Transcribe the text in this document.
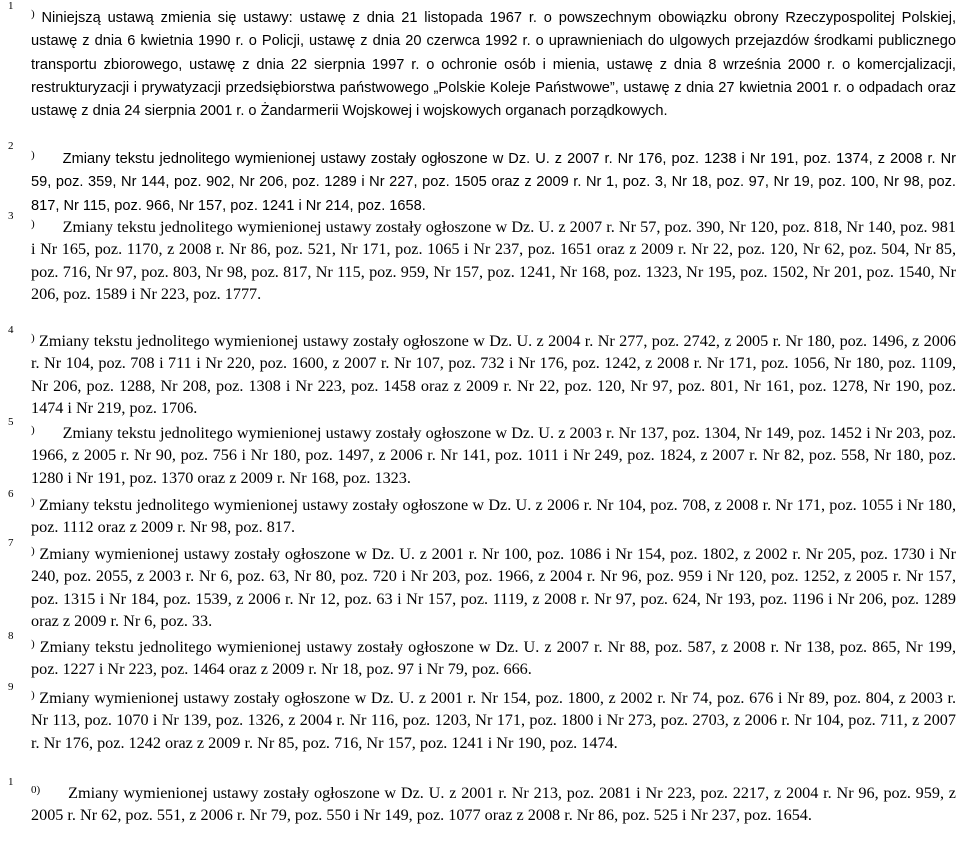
1

) Niniejszą ustawą zmienia się ustawy: ustawę z dnia 21 listopada 1967 r. o powszechnym obowiązku obrony Rzeczypospolitej Polskiej, ustawę z dnia 6 kwietnia 1990 r. o Policji, ustawę z dnia 20 czerwca 1992 r. o uprawnieniach do ulgowych przejazdów środkami publicznego transportu zbiorowego, ustawę z dnia 22 sierpnia 1997 r. o ochronie osób i mienia, ustawę z dnia 8 września 2000 r. o komercjalizacji, restrukturyzacji i prywatyzacji przedsiębiorstwa państwowego „Polskie Koleje Państwowe”, ustawę z dnia 27 kwietnia 2001 r. o odpadach oraz ustawę z dnia 24 sierpnia 2001 r. o Żandarmerii Wojskowej i wojskowych organach porządkowych.

2

) Zmiany tekstu jednolitego wymienionej ustawy zostały ogłoszone w Dz. U. z 2007 r. Nr 176, poz. 1238 i Nr 191, poz. 1374, z 2008 r. Nr 59, poz. 359, Nr 144, poz. 902, Nr 206, poz. 1289 i Nr 227, poz. 1505 oraz z 2009 r. Nr 1, poz. 3, Nr 18, poz. 97, Nr 19, poz. 100, Nr 98, poz. 817, Nr 115, poz. 966, Nr 157, poz. 1241 i Nr 214, poz. 1658.

3

) Zmiany tekstu jednolitego wymienionej ustawy zostały ogłoszone w Dz. U. z 2007 r. Nr 57, poz. 390, Nr 120, poz. 818, Nr 140, poz. 981 i Nr 165, poz. 1170, z 2008 r. Nr 86, poz. 521, Nr 171, poz. 1065 i Nr 237, poz. 1651 oraz z 2009 r. Nr 22, poz. 120, Nr 62, poz. 504, Nr 85, poz. 716, Nr 97, poz. 803, Nr 98, poz. 817, Nr 115, poz. 959, Nr 157, poz. 1241, Nr 168, poz. 1323, Nr 195, poz. 1502, Nr 201, poz. 1540, Nr 206, poz. 1589 i Nr 223, poz. 1777.

4

) Zmiany tekstu jednolitego wymienionej ustawy zostały ogłoszone w Dz. U. z 2004 r. Nr 277, poz. 2742, z 2005 r. Nr 180, poz. 1496, z 2006 r. Nr 104, poz. 708 i 711 i Nr 220, poz. 1600, z 2007 r. Nr 107, poz. 732 i Nr 176, poz. 1242, z 2008 r. Nr 171, poz. 1056, Nr 180, poz. 1109, Nr 206, poz. 1288, Nr 208, poz. 1308 i Nr 223, poz. 1458 oraz z 2009 r. Nr 22, poz. 120, Nr 97, poz. 801, Nr 161, poz. 1278, Nr 190, poz. 1474 i Nr 219, poz. 1706.

5

) Zmiany tekstu jednolitego wymienionej ustawy zostały ogłoszone w Dz. U. z 2003 r. Nr 137, poz. 1304, Nr 149, poz. 1452 i Nr 203, poz. 1966, z 2005 r. Nr 90, poz. 756 i Nr 180, poz. 1497, z 2006 r. Nr 141, poz. 1011 i Nr 249, poz. 1824, z 2007 r. Nr 82, poz. 558, Nr 180, poz. 1280 i Nr 191, poz. 1370 oraz z 2009 r. Nr 168, poz. 1323.

6

) Zmiany tekstu jednolitego wymienionej ustawy zostały ogłoszone w Dz. U. z 2006 r. Nr 104, poz. 708, z 2008 r. Nr 171, poz. 1055 i Nr 180, poz. 1112 oraz z 2009 r. Nr 98, poz. 817.

7

) Zmiany wymienionej ustawy zostały ogłoszone w Dz. U. z 2001 r. Nr 100, poz. 1086 i Nr 154, poz. 1802, z 2002 r. Nr 205, poz. 1730 i Nr 240, poz. 2055, z 2003 r. Nr 6, poz. 63, Nr 80, poz. 720 i Nr 203, poz. 1966, z 2004 r. Nr 96, poz. 959 i Nr 120, poz. 1252, z 2005 r. Nr 157, poz. 1315 i Nr 184, poz. 1539, z 2006 r. Nr 12, poz. 63 i Nr 157, poz. 1119, z 2008 r. Nr 97, poz. 624, Nr 193, poz. 1196 i Nr 206, poz. 1289 oraz z 2009 r. Nr 6, poz. 33.

8

) Zmiany tekstu jednolitego wymienionej ustawy zostały ogłoszone w Dz. U. z 2007 r. Nr 88, poz. 587, z 2008 r. Nr 138, poz. 865, Nr 199, poz. 1227 i Nr 223, poz. 1464 oraz z 2009 r. Nr 18, poz. 97 i Nr 79, poz. 666.

9

) Zmiany wymienionej ustawy zostały ogłoszone w Dz. U. z 2001 r. Nr 154, poz. 1800, z 2002 r. Nr 74, poz. 676 i Nr 89, poz. 804, z 2003 r. Nr 113, poz. 1070 i Nr 139, poz. 1326, z 2004 r. Nr 116, poz. 1203, Nr 171, poz. 1800 i Nr 273, poz. 2703, z 2006 r. Nr 104, poz. 711, z 2007 r. Nr 176, poz. 1242 oraz z 2009 r. Nr 85, poz. 716, Nr 157, poz. 1241 i Nr 190, poz. 1474.

1

$^{0)}$ Zmiany wymienionej ustawy zostały ogłoszone w Dz. U. z 2001 r. Nr 213, poz. 2081 i Nr 223, poz. 2217, z 2004 r. Nr 96, poz. 959, z 2005 r. Nr 62, poz. 551, z 2006 r. Nr 79, poz. 550 i Nr 149, poz. 1077 oraz z 2008 r. Nr 86, poz. 525 i Nr 237, poz. 1654.
